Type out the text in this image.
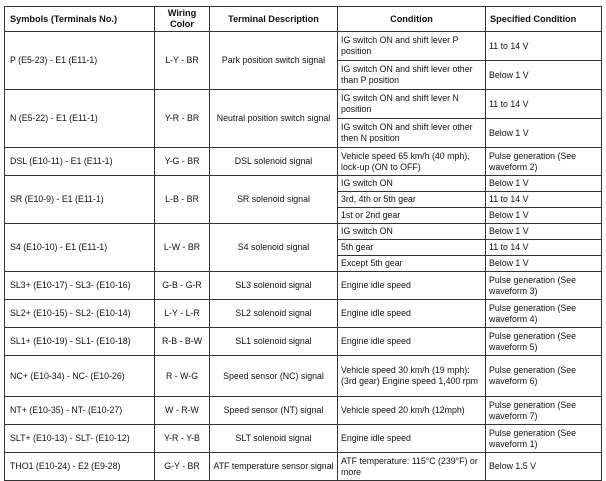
Symbols (Terminals No.)	Wiring Color	Terminal Description	Condition	Specified Condition
P (E5-23) - E1 (E11-1)	L-Y - BR	Park position switch signal	IG switch ON and shift lever P position	11 to 14 V
			IG switch ON and shift lever other than P position	Below 1 V
N (E5-22) - E1 (E11-1)	Y-R - BR	Neutral position switch signal	IG switch ON and shift lever N position	11 to 14 V
			IG switch ON and shift lever other then N position	Below 1 V
DSL (E10-11) - E1 (E11-1)	Y-G - BR	DSL solenoid signal	Vehicle speed 65 km/h (40 mph), lock-up (ON to OFF)	Pulse generation (See waveform 2)
SR (E10-9) - E1 (E11-1)	L-B - BR	SR solenoid signal	IG switch ON	Below 1 V
			3rd, 4th or 5th gear	11 to 14 V
			1st or 2nd gear	Below 1 V
S4 (E10-10) - E1 (E11-1)	L-W - BR	S4 solenoid signal	IG switch ON	Below 1 V
			5th gear	11 to 14 V
			Except 5th gear	Below 1 V
SL3+ (E10-17) - SL3- (E10-16)	G-B - G-R	SL3 solenoid signal	Engine idle speed	Pulse generation (See waveform 3)
SL2+ (E10-15) - SL2- (E10-14)	L-Y - L-R	SL2 solenoid signal	Engine idle speed	Pulse generation (See waveform 4)
SL1+ (E10-19) - SL1- (E10-18)	R-B - B-W	SL1 solenoid signal	Engine idle speed	Pulse generation (See waveform 5)
NC+ (E10-34) - NC- (E10-26)	R - W-G	Speed sensor (NC) signal	Vehicle speed 30 km/h (19 mph): (3rd gear) Engine speed 1,400 rpm	Pulse generation (See waveform 6)
NT+ (E10-35) - NT- (E10-27)	W - R-W	Speed sensor (NT) signal	Vehicle speed 20 km/h (12mph)	Pulse generation (See waveform 7)
SLT+ (E10-13) - SLT- (E10-12)	Y-R - Y-B	SLT solenoid signal	Engine idle speed	Pulse generation (See waveform 1)
THO1 (E10-24) - E2 (E9-28)	G-Y - BR	ATF temperature sensor signal	ATF temperature: 115°C (239°F) or more	Below 1.5 V
